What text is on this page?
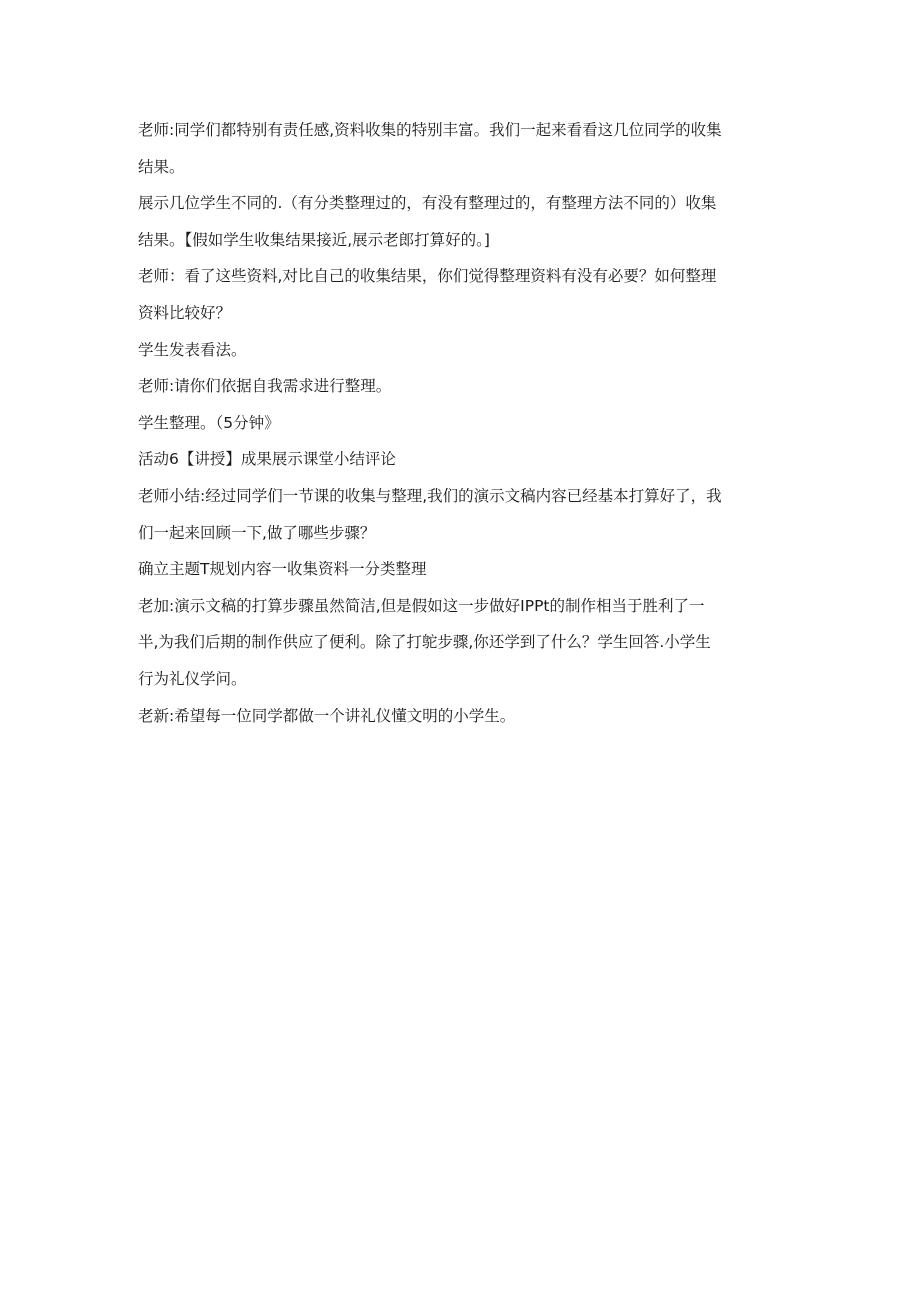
老师:同学们都特别有责任感,资料收集的特别丰富。我们一起来看看这几位同学的收集
结果。
展示几位学生不同的.（有分类整理过的，有没有整理过的，有整理方法不同的）收集
结果。【假如学生收集结果接近,展示老郎打算好的。]
老师：看了这些资料,对比自己的收集结果，你们觉得整理资料有没有必要？如何整理
资料比较好？
学生发表看法。
老师:请你们依据自我需求进行整理。
学生整理。（5分钟》
活动6【讲授】成果展示课堂小结评论
老师小结:经过同学们一节课的收集与整理,我们的演示文稿内容已经基本打算好了，我
们一起来回顾一下,做了哪些步骤？
确立主题T规划内容一收集资料一分类整理
老加:演示文稿的打算步骤虽然简洁,但是假如这一步做好IPPt的制作相当于胜利了一
半,为我们后期的制作供应了便利。除了打鸵步骤,你还学到了什么？学生回答.小学生
行为礼仪学问。
老新:希望每一位同学都做一个讲礼仪懂文明的小学生。
